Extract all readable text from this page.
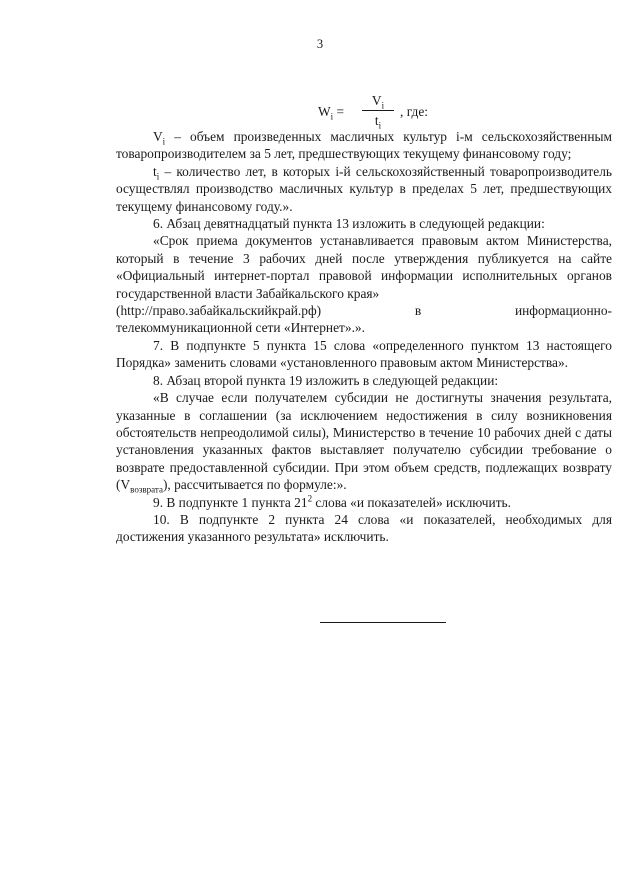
3
$W_i$ =
$V_i$
$t_i$
, где:

$V_i$ – объем произведенных масличных культур i-м сельскохозяйственным товаропроизводителем за 5 лет, предшествующих текущему финансовому году;

$t_i$ – количество лет, в которых i-й сельскохозяйственный товаропроизводитель осуществлял производство масличных культур в пределах 5 лет, предшествующих текущему финансовому году.».

6. Абзац девятнадцатый пункта 13 изложить в следующей редакции:

«Срок приема документов устанавливается правовым актом Министерства, который в течение 3 рабочих дней после утверждения публикуется на сайте «Официальный интернет-портал правовой информации исполнительных органов государственной власти Забайкальского края»

(http://право.забайкальскийкрай.рф)	в	информационно-
телекоммуникационной сети «Интернет».».

7. В подпункте 5 пункта 15 слова «определенного пунктом 13 настоящего Порядка» заменить словами «установленного правовым актом Министерства».

8. Абзац второй пункта 19 изложить в следующей редакции:

«В случае если получателем субсидии не достигнуты значения результата, указанные в соглашении (за исключением недостижения в силу возникновения обстоятельств непреодолимой силы), Министерство в течение 10 рабочих дней с даты установления указанных фактов выставляет получателю субсидии требование о возврате предоставленной субсидии. При этом объем средств, подлежащих возврату $(V_{возврата})$, рассчитывается по формуле:».

9. В подпункте 1 пункта $21^2$ слова «и показателей» исключить.

10. В подпункте 2 пункта 24 слова «и показателей, необходимых для достижения указанного результата» исключить.
